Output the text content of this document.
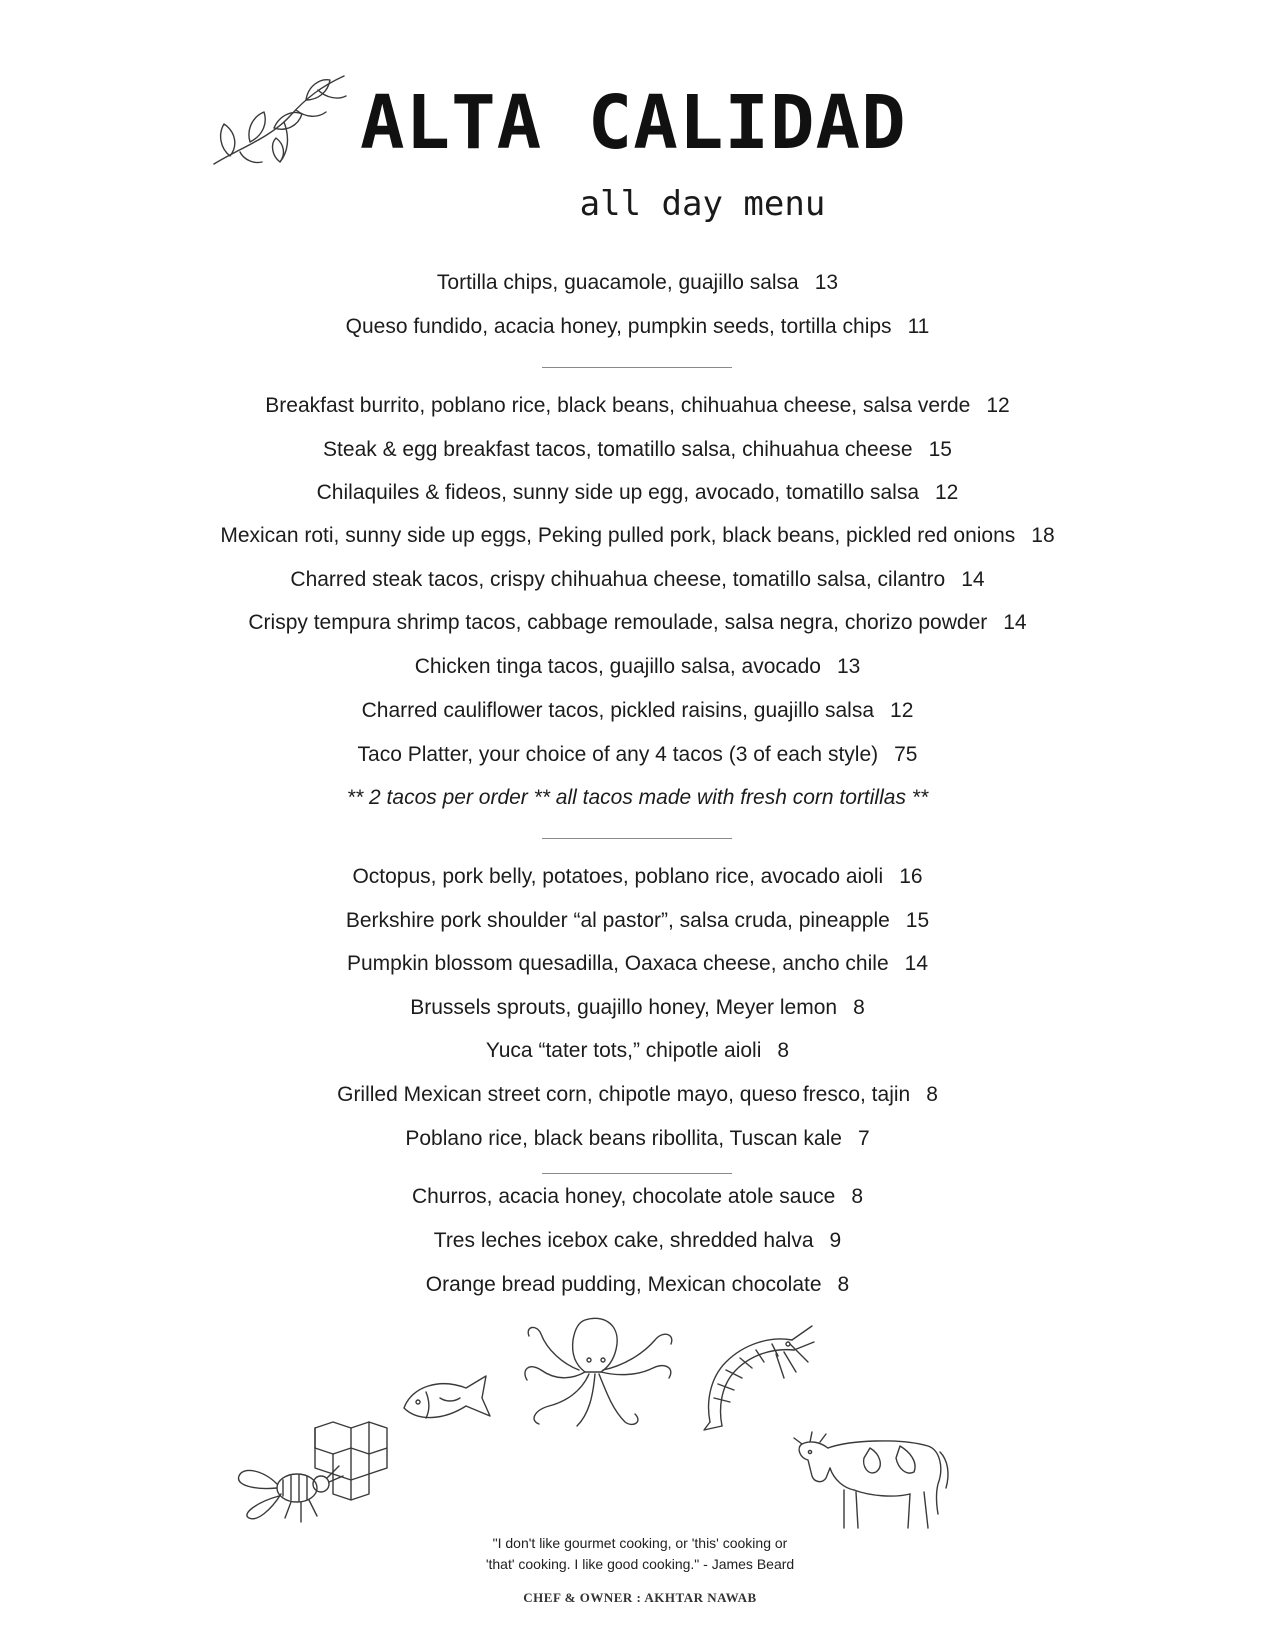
ALTA CALIDAD
all day menu
Tortilla chips, guacamole, guajillo salsa 13
Queso fundido, acacia honey, pumpkin seeds, tortilla chips 11
Breakfast burrito, poblano rice, black beans, chihuahua cheese, salsa verde 12
Steak & egg breakfast tacos, tomatillo salsa, chihuahua cheese 15
Chilaquiles & fideos, sunny side up egg, avocado, tomatillo salsa 12
Mexican roti, sunny side up eggs, Peking pulled pork, black beans, pickled red onions 18
Charred steak tacos, crispy chihuahua cheese, tomatillo salsa, cilantro 14
Crispy tempura shrimp tacos, cabbage remoulade, salsa negra, chorizo powder 14
Chicken tinga tacos, guajillo salsa, avocado 13
Charred cauliflower tacos, pickled raisins, guajillo salsa 12
Taco Platter, your choice of any 4 tacos (3 of each style) 75
** 2 tacos per order ** all tacos made with fresh corn tortillas **
Octopus, pork belly, potatoes, poblano rice, avocado aioli 16
Berkshire pork shoulder “al pastor”, salsa cruda, pineapple 15
Pumpkin blossom quesadilla, Oaxaca cheese, ancho chile 14
Brussels sprouts, guajillo honey, Meyer lemon 8
Yuca “tater tots,” chipotle aioli 8
Grilled Mexican street corn, chipotle mayo, queso fresco, tajin 8
Poblano rice, black beans ribollita, Tuscan kale 7
Churros, acacia honey, chocolate atole sauce 8
Tres leches icebox cake, shredded halva 9
Orange bread pudding, Mexican chocolate 8
"I don't like gourmet cooking, or 'this' cooking or
'that' cooking. I like good cooking." - James Beard
CHEF & OWNER : AKHTAR NAWAB
